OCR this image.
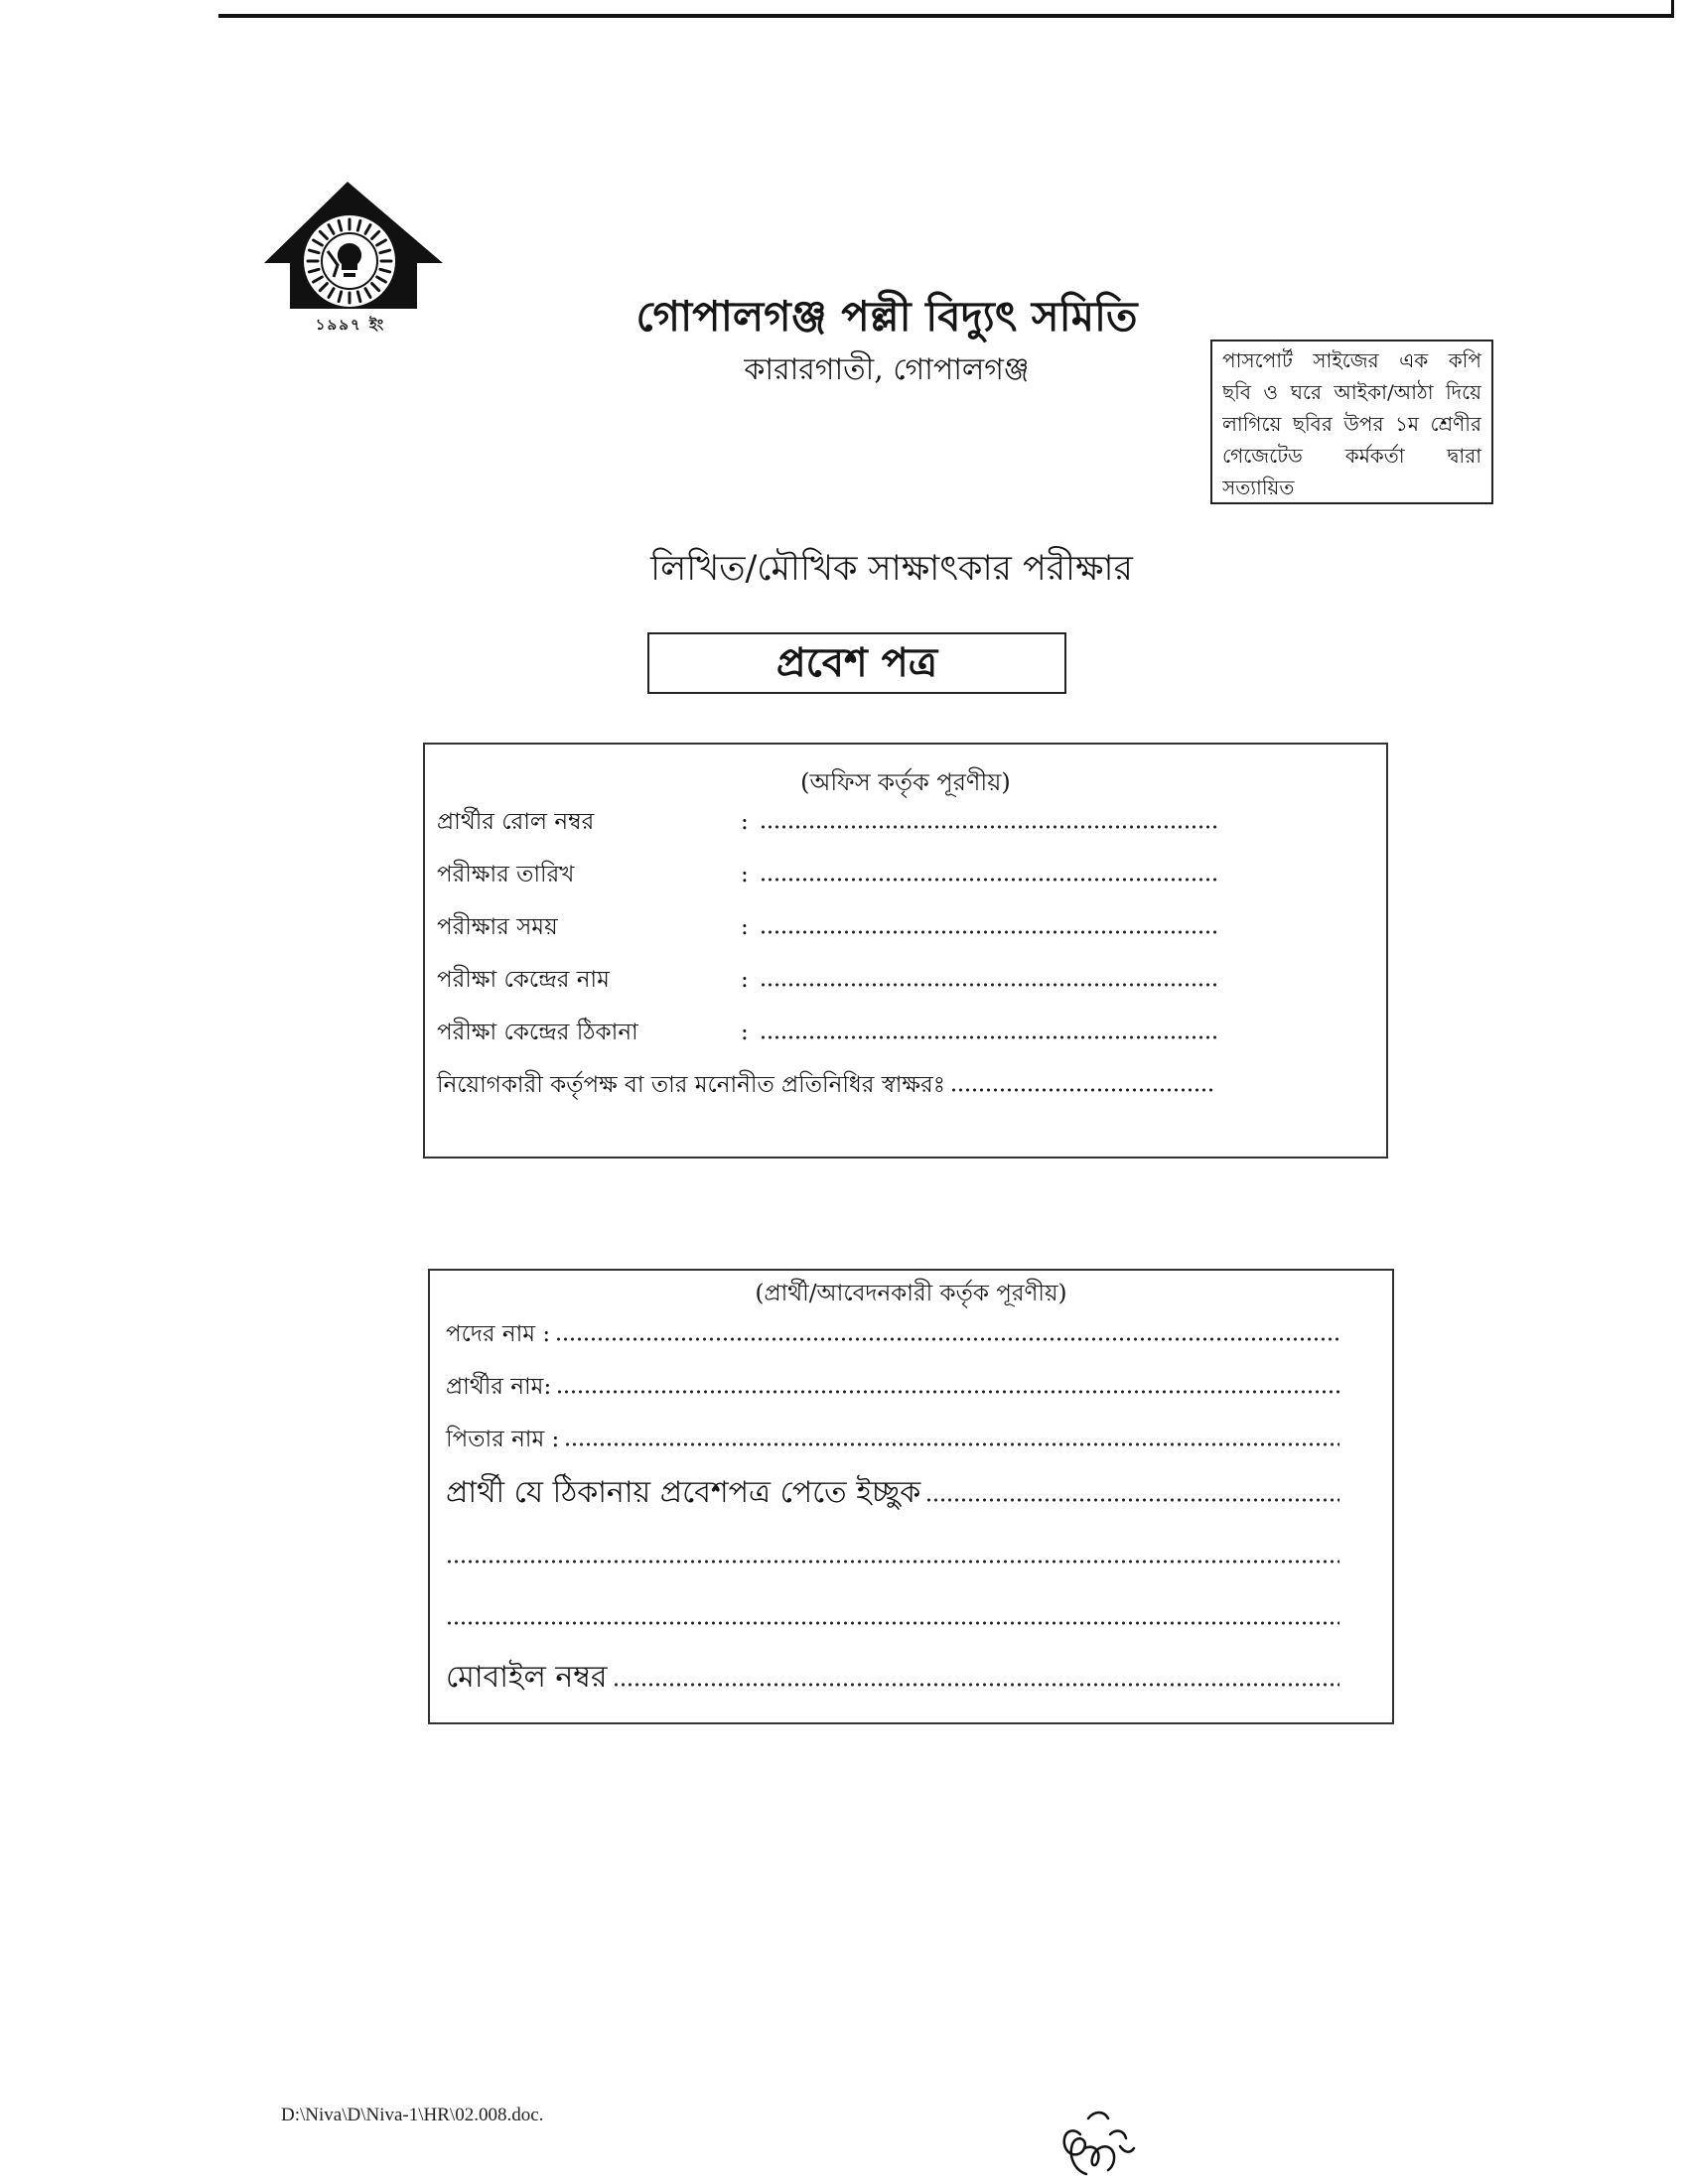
১৯৯৭ ইং	গোপালগঞ্জ পল্লী বিদ্যুৎ সমিতি
কারারগাতী, গোপালগঞ্জ	পাসপোর্ট সাইজের এক কপি
ছবি ও ঘরে আইকা/আঠা দিয়ে
লাগিয়ে ছবির উপর ১ম শ্রেণীর
গেজেটেড কর্মকর্তা দ্বারা
সত্যায়িত
লিখিত/মৌখিক সাক্ষাৎকার পরীক্ষার
প্রবেশ পত্র
(অফিস কর্তৃক পূরণীয়)
প্রার্থীর রোল নম্বর	:
পরীক্ষার তারিখ	:
পরীক্ষার সময়	:
পরীক্ষা কেন্দ্রের নাম	:
পরীক্ষা কেন্দ্রের ঠিকানা	:
নিয়োগকারী কর্তৃপক্ষ বা তার মনোনীত প্রতিনিধির স্বাক্ষরঃ
(প্রার্থী/আবেদনকারী কর্তৃক পূরণীয়)
পদের নাম :
প্রার্থীর নাম:
পিতার নাম :
প্রার্থী যে ঠিকানায় প্রবেশপত্র পেতে ইচ্ছুক
মোবাইল নম্বর
D:\Niva\D\Niva-1\HR\02.008.doc.
